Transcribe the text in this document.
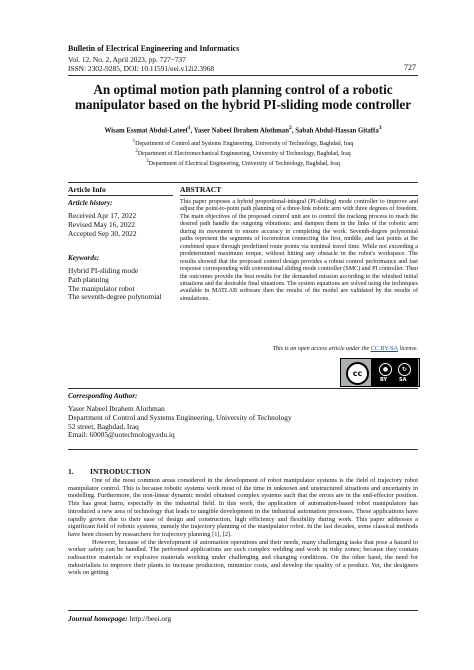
Bulletin of Electrical Engineering and Informatics
Vol. 12, No. 2, April 2023, pp. 727~737
ISSN: 2302-9285, DOI: 10.11591/eei.v12i2.3968	727
An optimal motion path planning control of a robotic
manipulator based on the hybrid PI-sliding mode controller
Wisam Essmat Abdul-Lateef$^1$, Yaser Nabeel Ibrahem Alothman$^2$, Sabah Abdul-Hassan Gitaffa$^3$
$^1$Department of Control and Systems Engineering, University of Technology, Baghdad, Iraq
$^2$Department of Electromechanical Engineering, University of Technology, Baghdad, Iraq
$^3$Department of Electrical Engineering, University of Technology, Baghdad, Iraq
Article Info	ABSTRACT
Article history:
Received Apr 17, 2022
Revised May 16, 2022
Accepted Sep 30, 2022
Keywords:
Hybrid PI-sliding mode
Path planning
The manipulator robot
The seventh-degree polynomial
This paper proposes a hybrid proportional-integral (PI-sliding) mode controller to improve and adjust the point-to-point path planning of a three-link robotic arm with three degrees of freedom. The main objectives of the proposed control unit are to control the tracking process to reach the desired path handle the outgoing vibrations; and dampen them in the links of the robotic arm during its movement to ensure accuracy in completing the work. Seventh-degree polynomial paths represent the segments of locomotion connecting the first, middle, and last points at the combined space through predefined route points via minimal travel time. While not exceeding a predetermined maximum torque, without hitting any obstacle in the robot's workspace. The results showed that the proposed control design provides a robust control performance and fast response corresponding with conventional sliding mode controller (SMC) and PI controller. Then the outcomes provide the best results for the demanded mission according to the whished initial situations and the desirable final situations. The system equations are solved using the techniques available in MATLAB software then the results of the model are validated by the results of simulations.
This is an open access article under the CC BY-SA license.
cc	●	↻
BY SA
Corresponding Author:
Yaser Nabeel Ibrahem Alothman
Department of Control and Systems Engineering, University of Technology
52 street, Baghdad, Iraq
Email: 60005@uotechnology.edu.iq
1. INTRODUCTION

One of the most common areas considered in the development of robot manipulator systems is the field of trajectory robot manipulator control. This is because robotic systems work most of the time in unknown and unstructured situations and uncertainty in modelling. Furthermore, the non-linear dynamic model obtained complex systems such that the errors are in the end-effector position. This has great harm, especially in the industrial field. In this work, the application of automation-based robot manipulators has introduced a new area of technology that leads to tangible development in the industrial automation processes. These applications have rapidly grown due to their ease of design and construction, high efficiency and flexibility during work. This paper addresses a significant field of robotic systems, namely the trajectory planning of the manipulator robot. In the last decades, some classical methods have been chosen by researchers for trajectory planning [1], [2].

However, because of the development of automation operations and their needs, many challenging tasks that pose a hazard to worker safety can be handled. The performed applications are such complex welding and work in risky zones; because they contain radioactive materials or explosive materials working under challenging and changing conditions. On the other hand, the need for industrialists to improve their plants to increase production, minimize costs, and develop the quality of a product. Yet, the designers work on getting

Journal homepage: http://beei.org
